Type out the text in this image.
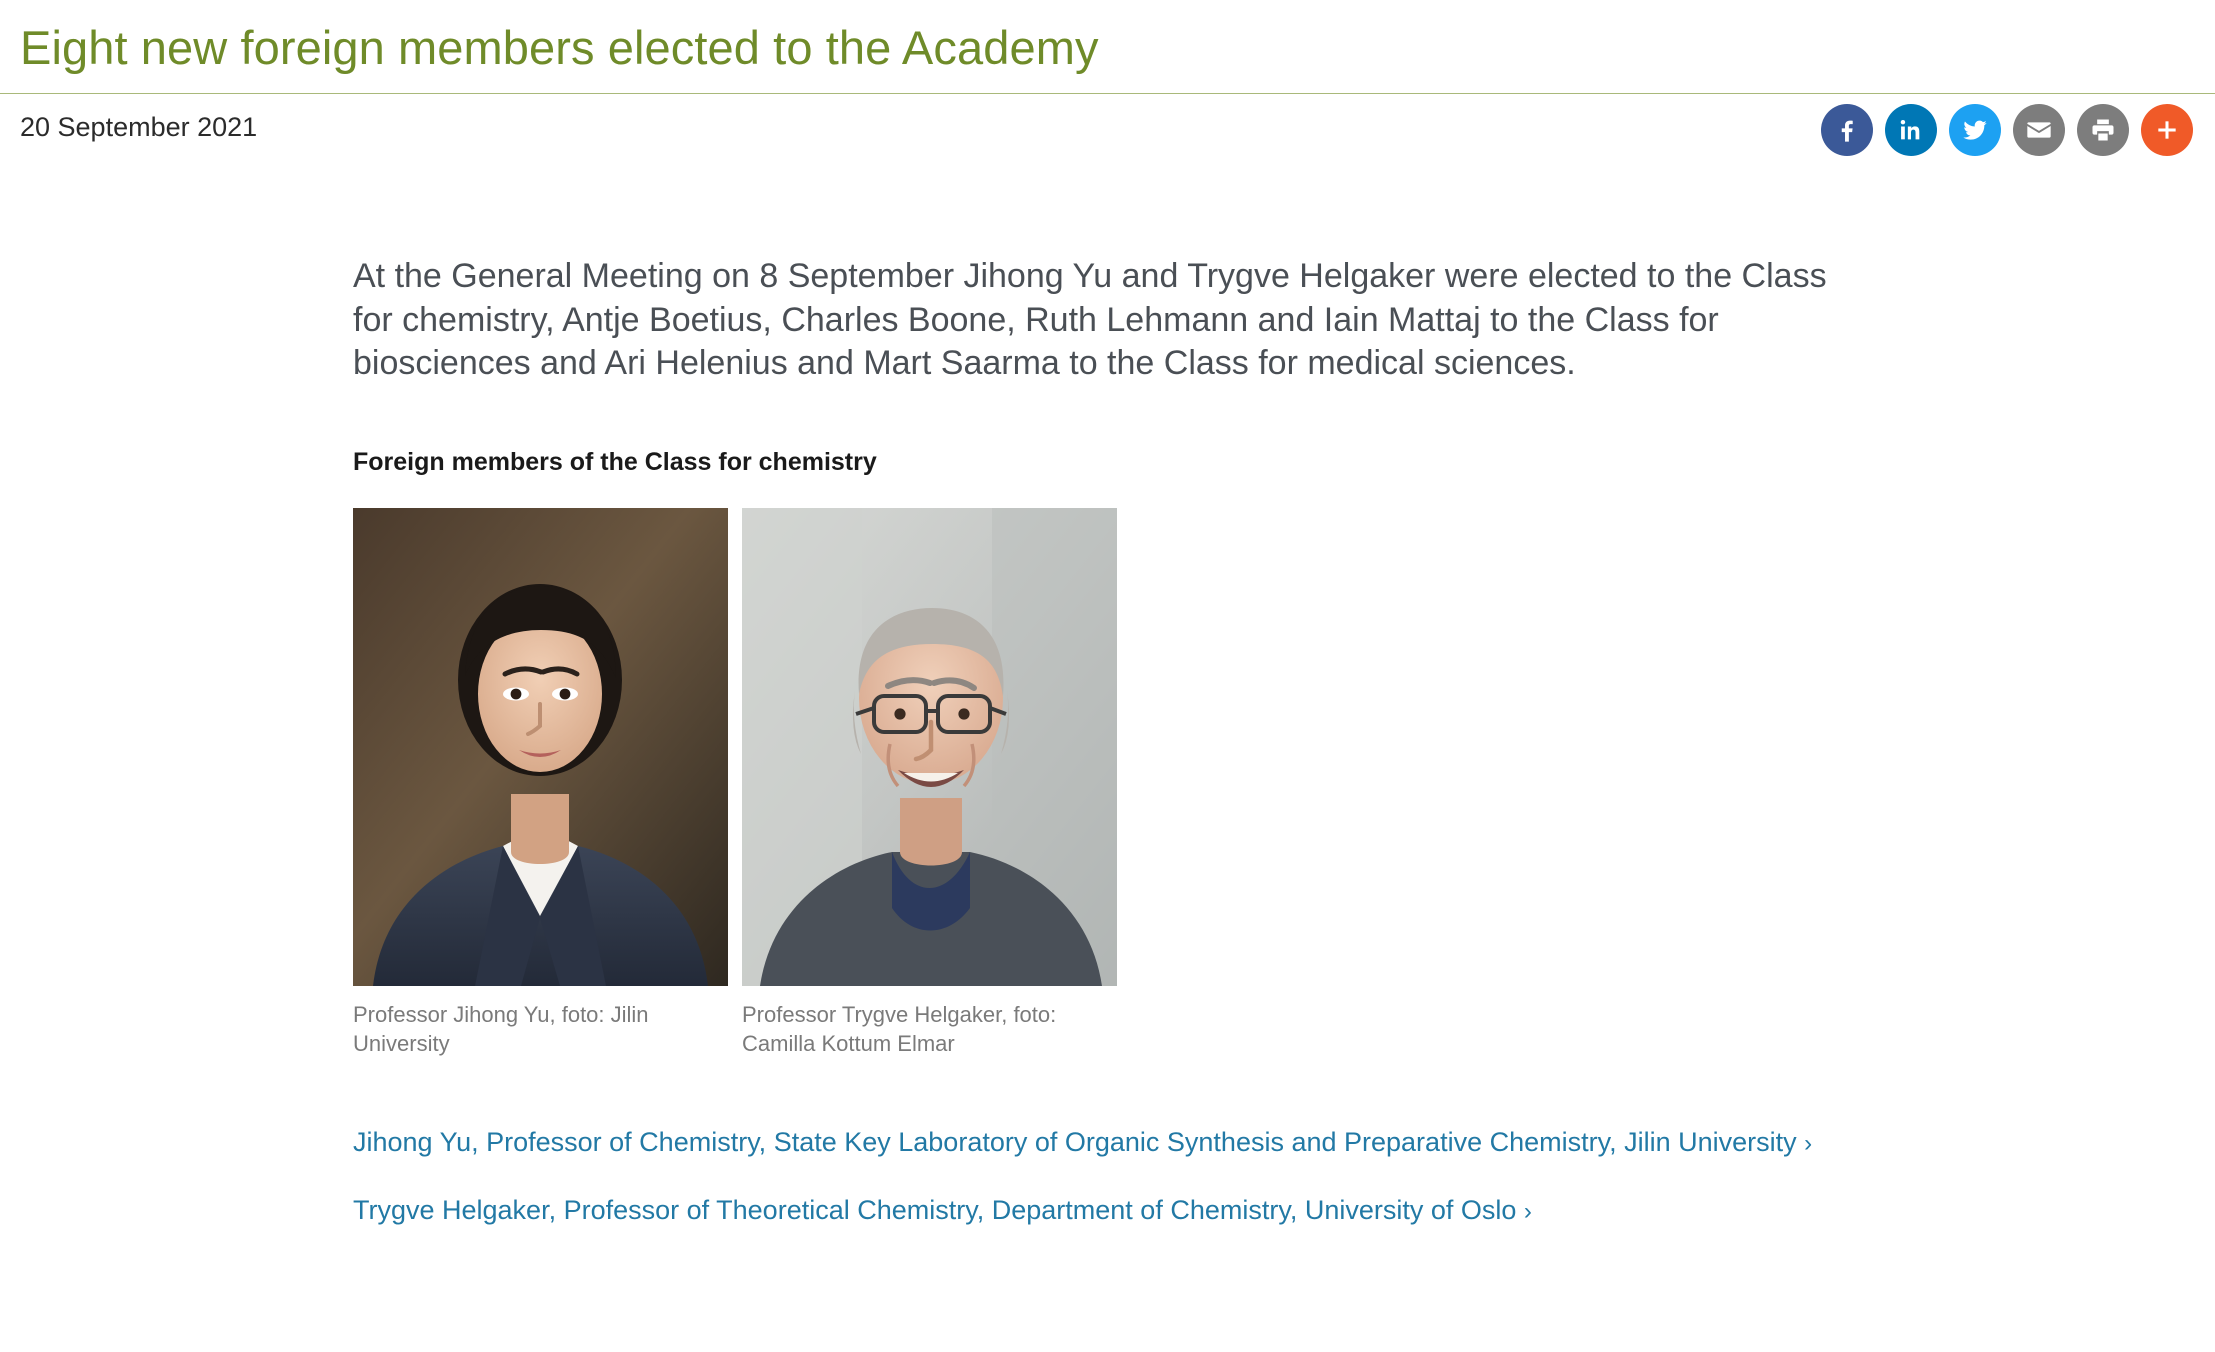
Eight new foreign members elected to the Academy
20 September 2021

At the General Meeting on 8 September Jihong Yu and Trygve Helgaker were elected to the Class for chemistry, Antje Boetius, Charles Boone, Ruth Lehmann and Iain Mattaj to the Class for biosciences and Ari Helenius and Mart Saarma to the Class for medical sciences.

Foreign members of the Class for chemistry
Professor Jihong Yu, foto: Jilin University
Professor Trygve Helgaker, foto: Camilla Kottum Elmar
Jihong Yu, Professor of Chemistry, State Key Laboratory of Organic Synthesis and Preparative Chemistry, Jilin University ›
Trygve Helgaker, Professor of Theoretical Chemistry, Department of Chemistry, University of Oslo ›
